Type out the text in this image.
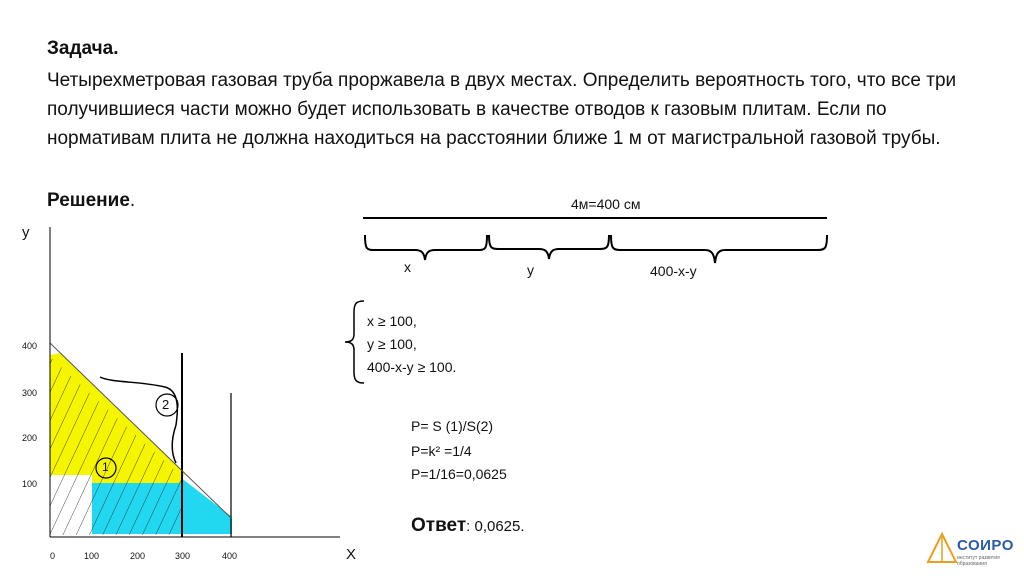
Задача.
Четырехметровая газовая труба проржавела в двух местах. Определить вероятность того, что все три получившиеся части можно будет использовать в качестве отводов к газовым плитам. Если по нормативам плита не должна находиться на расстоянии ближе 1 м от магистральной газовой трубы.
Решение.	4м=400 см
x	y	400-x-y
x ≥ 100,
y ≥ 100,
400-x-y ≥ 100.
P= S (1)/S(2)
P=k² =1/4
P=1/16=0,0625
Ответ: 0,0625.
1
2
y
X
400
300
200
100
0	100	200	300	400
СОИРО
институт развития образования
